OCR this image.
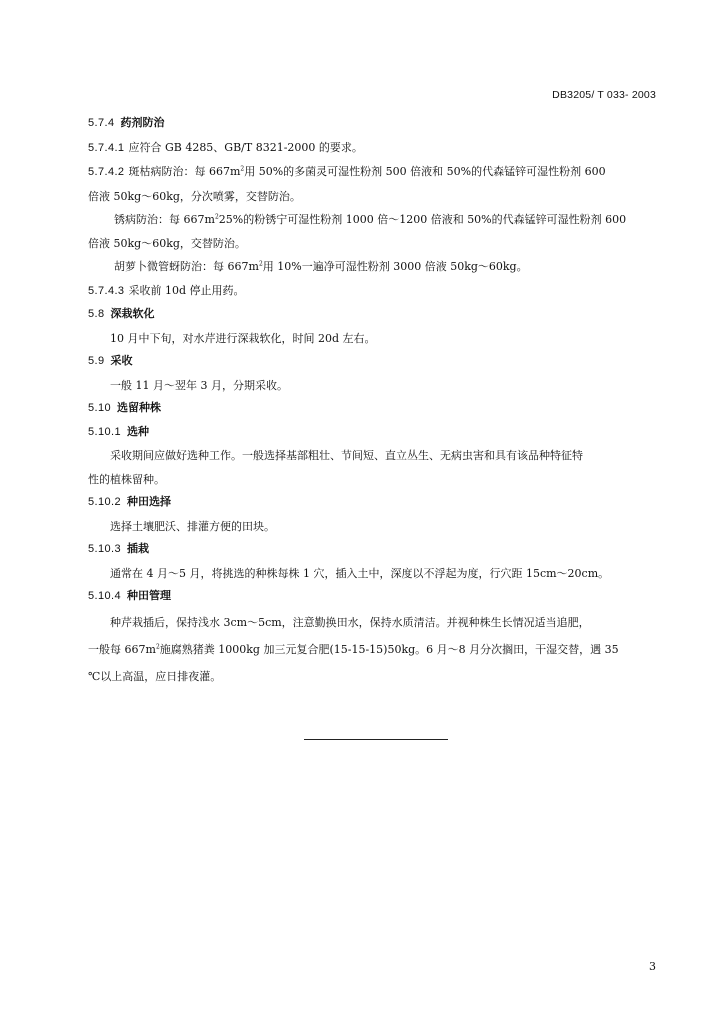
DB3205/ T 033- 2003
5.7.4 药剂防治
5.7.4.1 应符合 GB 4285、GB/T 8321-2000 的要求。
5.7.4.2 斑枯病防治：每 $667m^2$用 50%的多菌灵可湿性粉剂 500 倍液和 50%的代森锰锌可湿性粉剂 600
倍液 50kg～60kg，分次喷雾，交替防治。
锈病防治：每 $667m^225\%$的粉锈宁可湿性粉剂 1000 倍～1200 倍液和 50%的代森锰锌可湿性粉剂 600
倍液 50kg～60kg，交替防治。
胡萝卜微管蚜防治：每 $667m^2$用 10%一遍净可湿性粉剂 3000 倍液 50kg～60kg。
5.7.4.3 采收前 10d 停止用药。
5.8 深栽软化
10 月中下旬，对水芹进行深栽软化，时间 20d 左右。
5.9 采收
一般 11 月～翌年 3 月，分期采收。
5.10 选留种株
5.10.1 选种
采收期间应做好选种工作。一般选择基部粗壮、节间短、直立丛生、无病虫害和具有该品种特征特
性的植株留种。
5.10.2 种田选择
选择土壤肥沃、排灌方便的田块。
5.10.3 插栽
通常在 4 月～5 月，将挑选的种株每株 1 穴，插入土中，深度以不浮起为度，行穴距 15cm～20cm。
5.10.4 种田管理
种芹栽插后，保持浅水 3cm～5cm，注意勤换田水，保持水质清洁。并视种株生长情况适当追肥，
一般每 $667m^2$施腐熟猪粪 1000kg 加三元复合肥(15-15-15)50kg。6 月～8 月分次搁田，干湿交替，遇 35
℃以上高温，应日排夜灌。
3
